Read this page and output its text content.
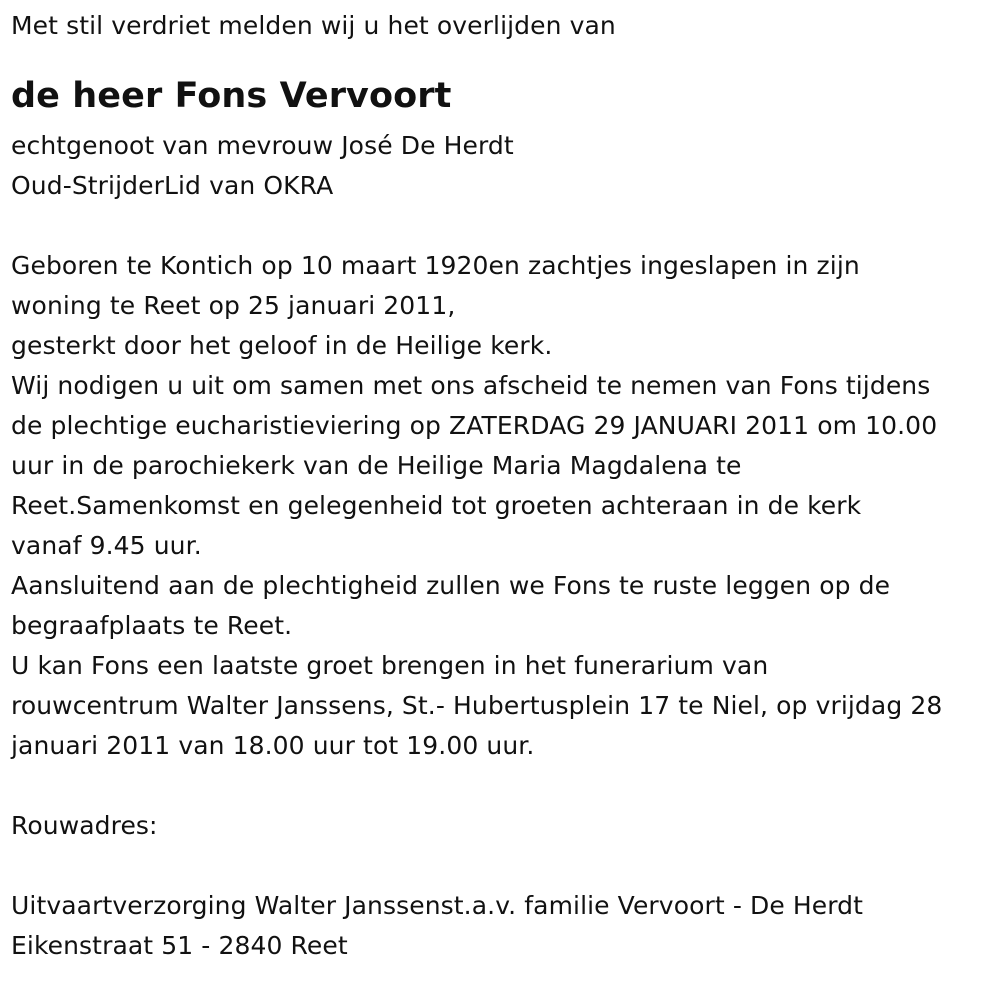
Met stil verdriet melden wij u het overlijden van
de heer Fons Vervoort
echtgenoot van mevrouw José De Herdt
Oud-StrijderLid van OKRA
Geboren te Kontich op 10 maart 1920en zachtjes ingeslapen in zijn
woning te Reet op 25 januari 2011,
gesterkt door het geloof in de Heilige kerk.
Wij nodigen u uit om samen met ons afscheid te nemen van Fons tijdens
de plechtige eucharistieviering op ZATERDAG 29 JANUARI 2011 om 10.00
uur in de parochiekerk van de Heilige Maria Magdalena te
Reet.Samenkomst en gelegenheid tot groeten achteraan in de kerk
vanaf 9.45 uur.
Aansluitend aan de plechtigheid zullen we Fons te ruste leggen op de
begraafplaats te Reet.
U kan Fons een laatste groet brengen in het funerarium van
rouwcentrum Walter Janssens, St.- Hubertusplein 17 te Niel, op vrijdag 28
januari 2011 van 18.00 uur tot 19.00 uur.
Rouwadres:
Uitvaartverzorging Walter Janssenst.a.v. familie Vervoort - De Herdt
Eikenstraat 51 - 2840 Reet
